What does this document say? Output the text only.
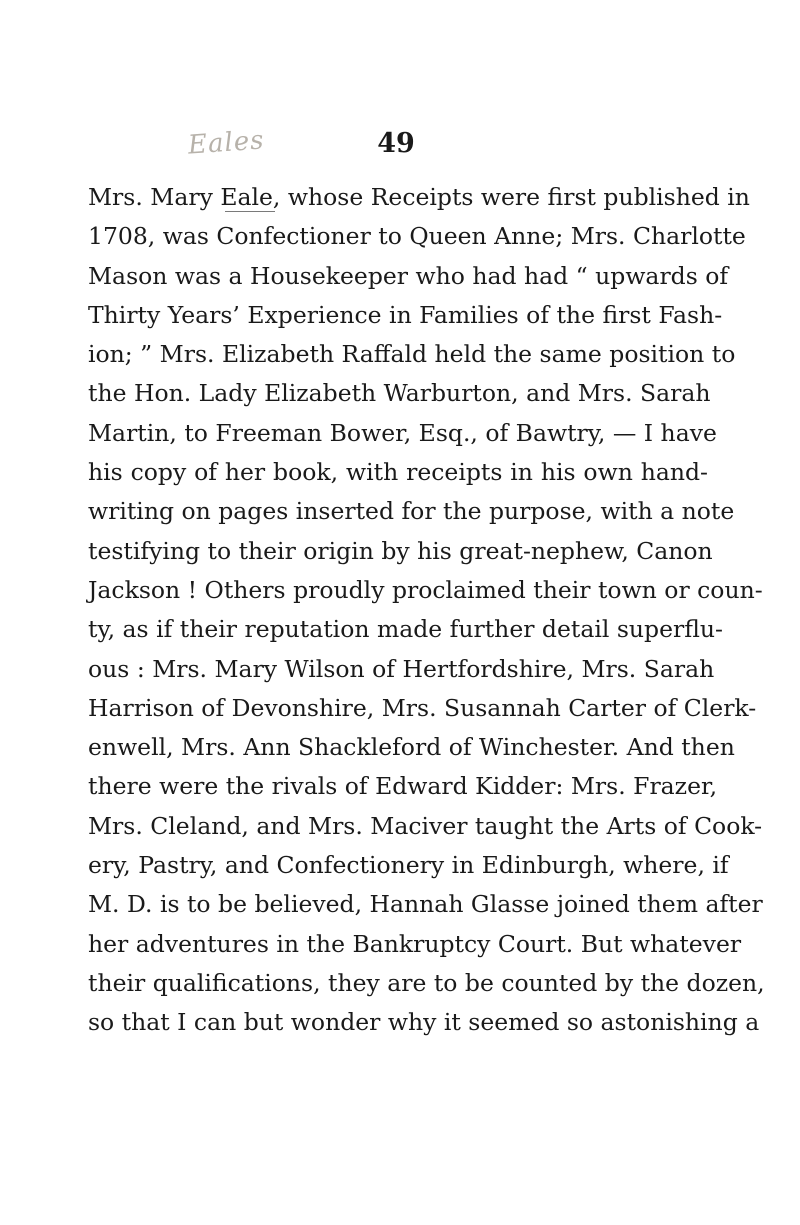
Eales	49
Mrs. Mary Eale, whose Receipts were first published in
1708, was Confectioner to Queen Anne; Mrs. Charlotte
Mason was a Housekeeper who had had “ upwards of
Thirty Years’ Experience in Families of the first Fash-
ion; ” Mrs. Elizabeth Raffald held the same position to
the Hon. Lady Elizabeth Warburton, and Mrs. Sarah
Martin, to Freeman Bower, Esq., of Bawtry, — I have
his copy of her book, with receipts in his own hand-
writing on pages inserted for the purpose, with a note
testifying to their origin by his great-nephew, Canon
Jackson ! Others proudly proclaimed their town or coun-
ty, as if their reputation made further detail superflu-
ous : Mrs. Mary Wilson of Hertfordshire, Mrs. Sarah
Harrison of Devonshire, Mrs. Susannah Carter of Clerk-
enwell, Mrs. Ann Shackleford of Winchester. And then
there were the rivals of Edward Kidder: Mrs. Frazer,
Mrs. Cleland, and Mrs. Maciver taught the Arts of Cook-
ery, Pastry, and Confectionery in Edinburgh, where, if
M. D. is to be believed, Hannah Glasse joined them after
her adventures in the Bankruptcy Court. But whatever
their qualifications, they are to be counted by the dozen,
so that I can but wonder why it seemed so astonishing a
